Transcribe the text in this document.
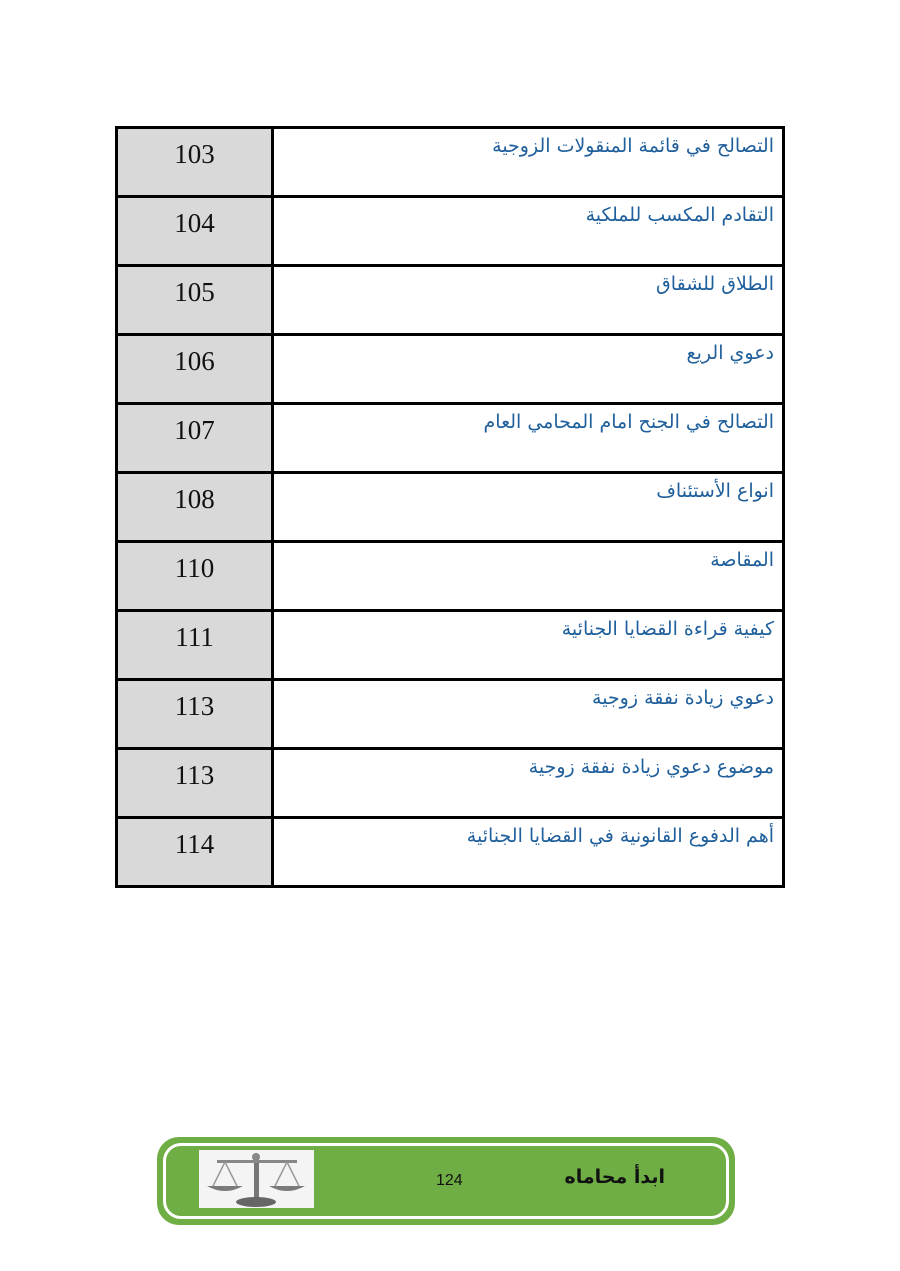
103	التصالح في قائمة المنقولات الزوجية
104	التقادم المكسب للملكية
105	الطلاق للشقاق
106	دعوي الريع
107	التصالح في الجنح امام المحامي العام
108	انواع الأستئناف
110	المقاصة
111	كيفية قراءة القضايا الجنائية
113	دعوي زيادة نفقة زوجية
113	موضوع دعوي زيادة نفقة زوجية
114	أهم الدفوع القانونية في القضايا الجنائية
124	ابدأ محاماه
